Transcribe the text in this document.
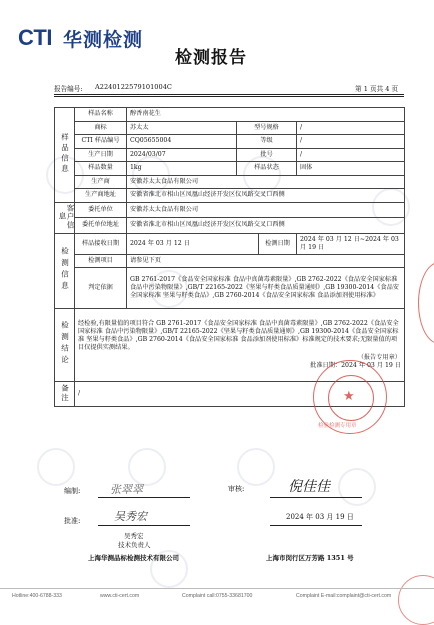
CTI 华测检测
检测报告
报告编号: A2240122579101004C	第 1 页共 4 页
样品信息	样品名称	醇香南花生			
	商标	苏太太	型号规格		/
	CTI 样品编号	CQ05655004	等级		/
	生产日期	2024/03/07	批号		/
	样品数量	1kg	样品状态		固体
	生产商	安徽苏太太食品有限公司			
	生产商地址	安徽省淮北市相山区凤凰山经济开发区仪凤路交叉口西侧			
客户信息	委托单位	安徽苏太太食品有限公司			
	委托单位地址	安徽省淮北市相山区凤凰山经济开发区仪凤路交叉口西侧			
检测信息	样品接收日期	2024 年 03 月 12 日		检测日期	2024 年 03 月 12 日~2024 年 03 月 19 日
	检测项目	请参见下页			
	判定依据	GB 2761-2017《食品安全国家标准 食品中真菌毒素限量》,GB 2762-2022《食品安全国家标准 食品中污染物限量》,GB/T 22165-2022《坚果与籽类食品质量通则》,GB 19300-2014《食品安全国家标准 坚果与籽类食品》,GB 2760-2014《食品安全国家标准 食品添加剂使用标准》			
检测结论	经检验,有限量值的项目符合 GB 2761-2017《食品安全国家标准 食品中真菌毒素限量》,GB 2762-2022《食品安全国家标准 食品中污染物限量》,GB/T 22165-2022《坚果与籽类食品质量通则》,GB 19300-2014《食品安全国家标准 坚果与籽类食品》,GB 2760-2014《食品安全国家标准 食品添加剂使用标准》标准规定的技术要求;无限量值的项目仅提供实测结果。
（报告专用章）
批准日期：2024 年 03 月 19 日				

备注	/					★
检验检测专用章
编制:	张翠翠	审核:	倪佳佳
批准:	吴秀宏	2024 年 03 月 19 日
吴秀宏
技术负责人
上海华测品标检测技术有限公司	上海市闵行区万芳路 1351 号
Hotline:400-6788-333	www.cti-cert.com	Complaint call:0755-33681700	Complaint E-mail:complaint@cti-cert.com
